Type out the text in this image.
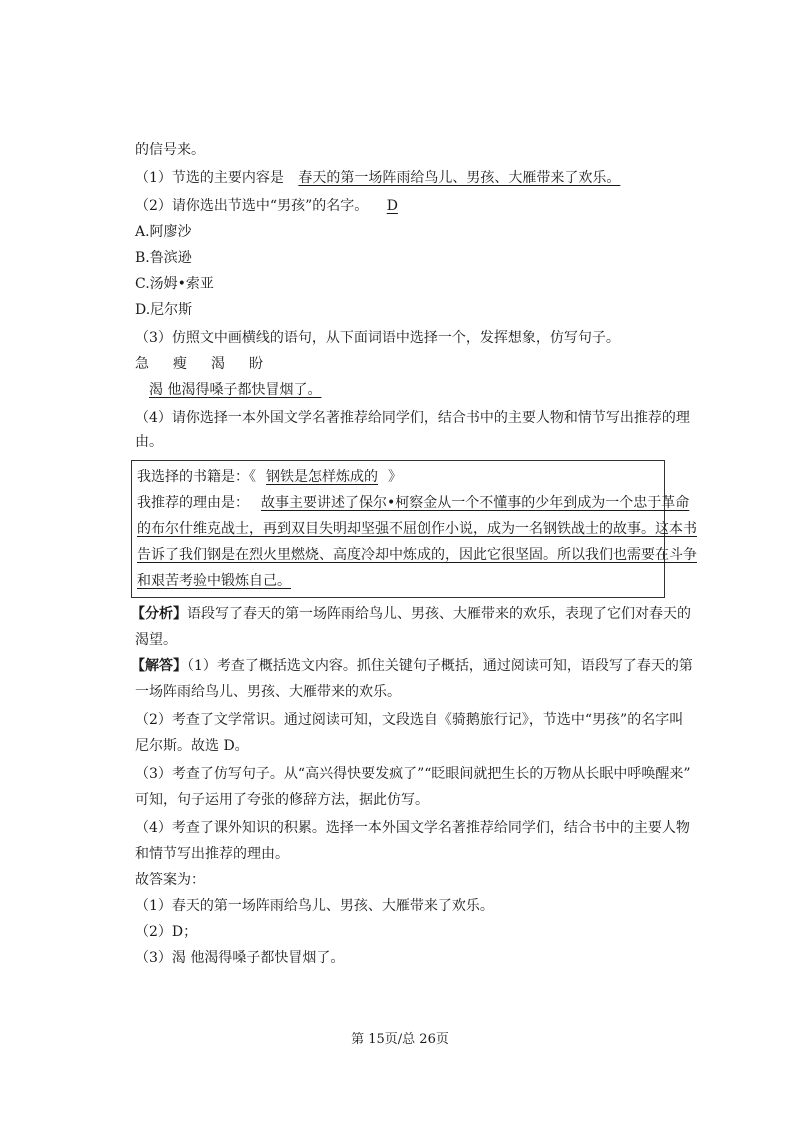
的信号来。
（1）节选的主要内容是 春天的第一场阵雨给鸟儿、男孩、大雁带来了欢乐。
（2）请你选出节选中“男孩”的名字。 D
A.阿廖沙
B.鲁滨逊
C.汤姆•索亚
D.尼尔斯
（3）仿照文中画横线的语句，从下面词语中选择一个，发挥想象，仿写句子。
急 瘦 渴 盼
渴 他渴得嗓子都快冒烟了。
（4）请你选择一本外国文学名著推荐给同学们，结合书中的主要人物和情节写出推荐的理
由。
我选择的书籍是：《 钢铁是怎样炼成的 》
我推荐的理由是： 故事主要讲述了保尔•柯察金从一个不懂事的少年到成为一个忠于革命
的布尔什维克战士，再到双目失明却坚强不屈创作小说，成为一名钢铁战士的故事。这本书
告诉了我们钢是在烈火里燃烧、高度冷却中炼成的，因此它很坚固。所以我们也需要在斗争
和艰苦考验中锻炼自己。
【分析】语段写了春天的第一场阵雨给鸟儿、男孩、大雁带来的欢乐，表现了它们对春天的
渴望。
【解答】（1）考查了概括选文内容。抓住关键句子概括，通过阅读可知，语段写了春天的第
一场阵雨给鸟儿、男孩、大雁带来的欢乐。
（2）考查了文学常识。通过阅读可知，文段选自《骑鹅旅行记》，节选中“男孩”的名字叫
尼尔斯。故选 D。
（3）考查了仿写句子。从“高兴得快要发疯了”“眨眼间就把生长的万物从长眠中呼唤醒来”
可知，句子运用了夸张的修辞方法，据此仿写。
（4）考查了课外知识的积累。选择一本外国文学名著推荐给同学们，结合书中的主要人物
和情节写出推荐的理由。
故答案为：
（1）春天的第一场阵雨给鸟儿、男孩、大雁带来了欢乐。
（2）D；
（3）渴 他渴得嗓子都快冒烟了。
第 15页/总 26页
